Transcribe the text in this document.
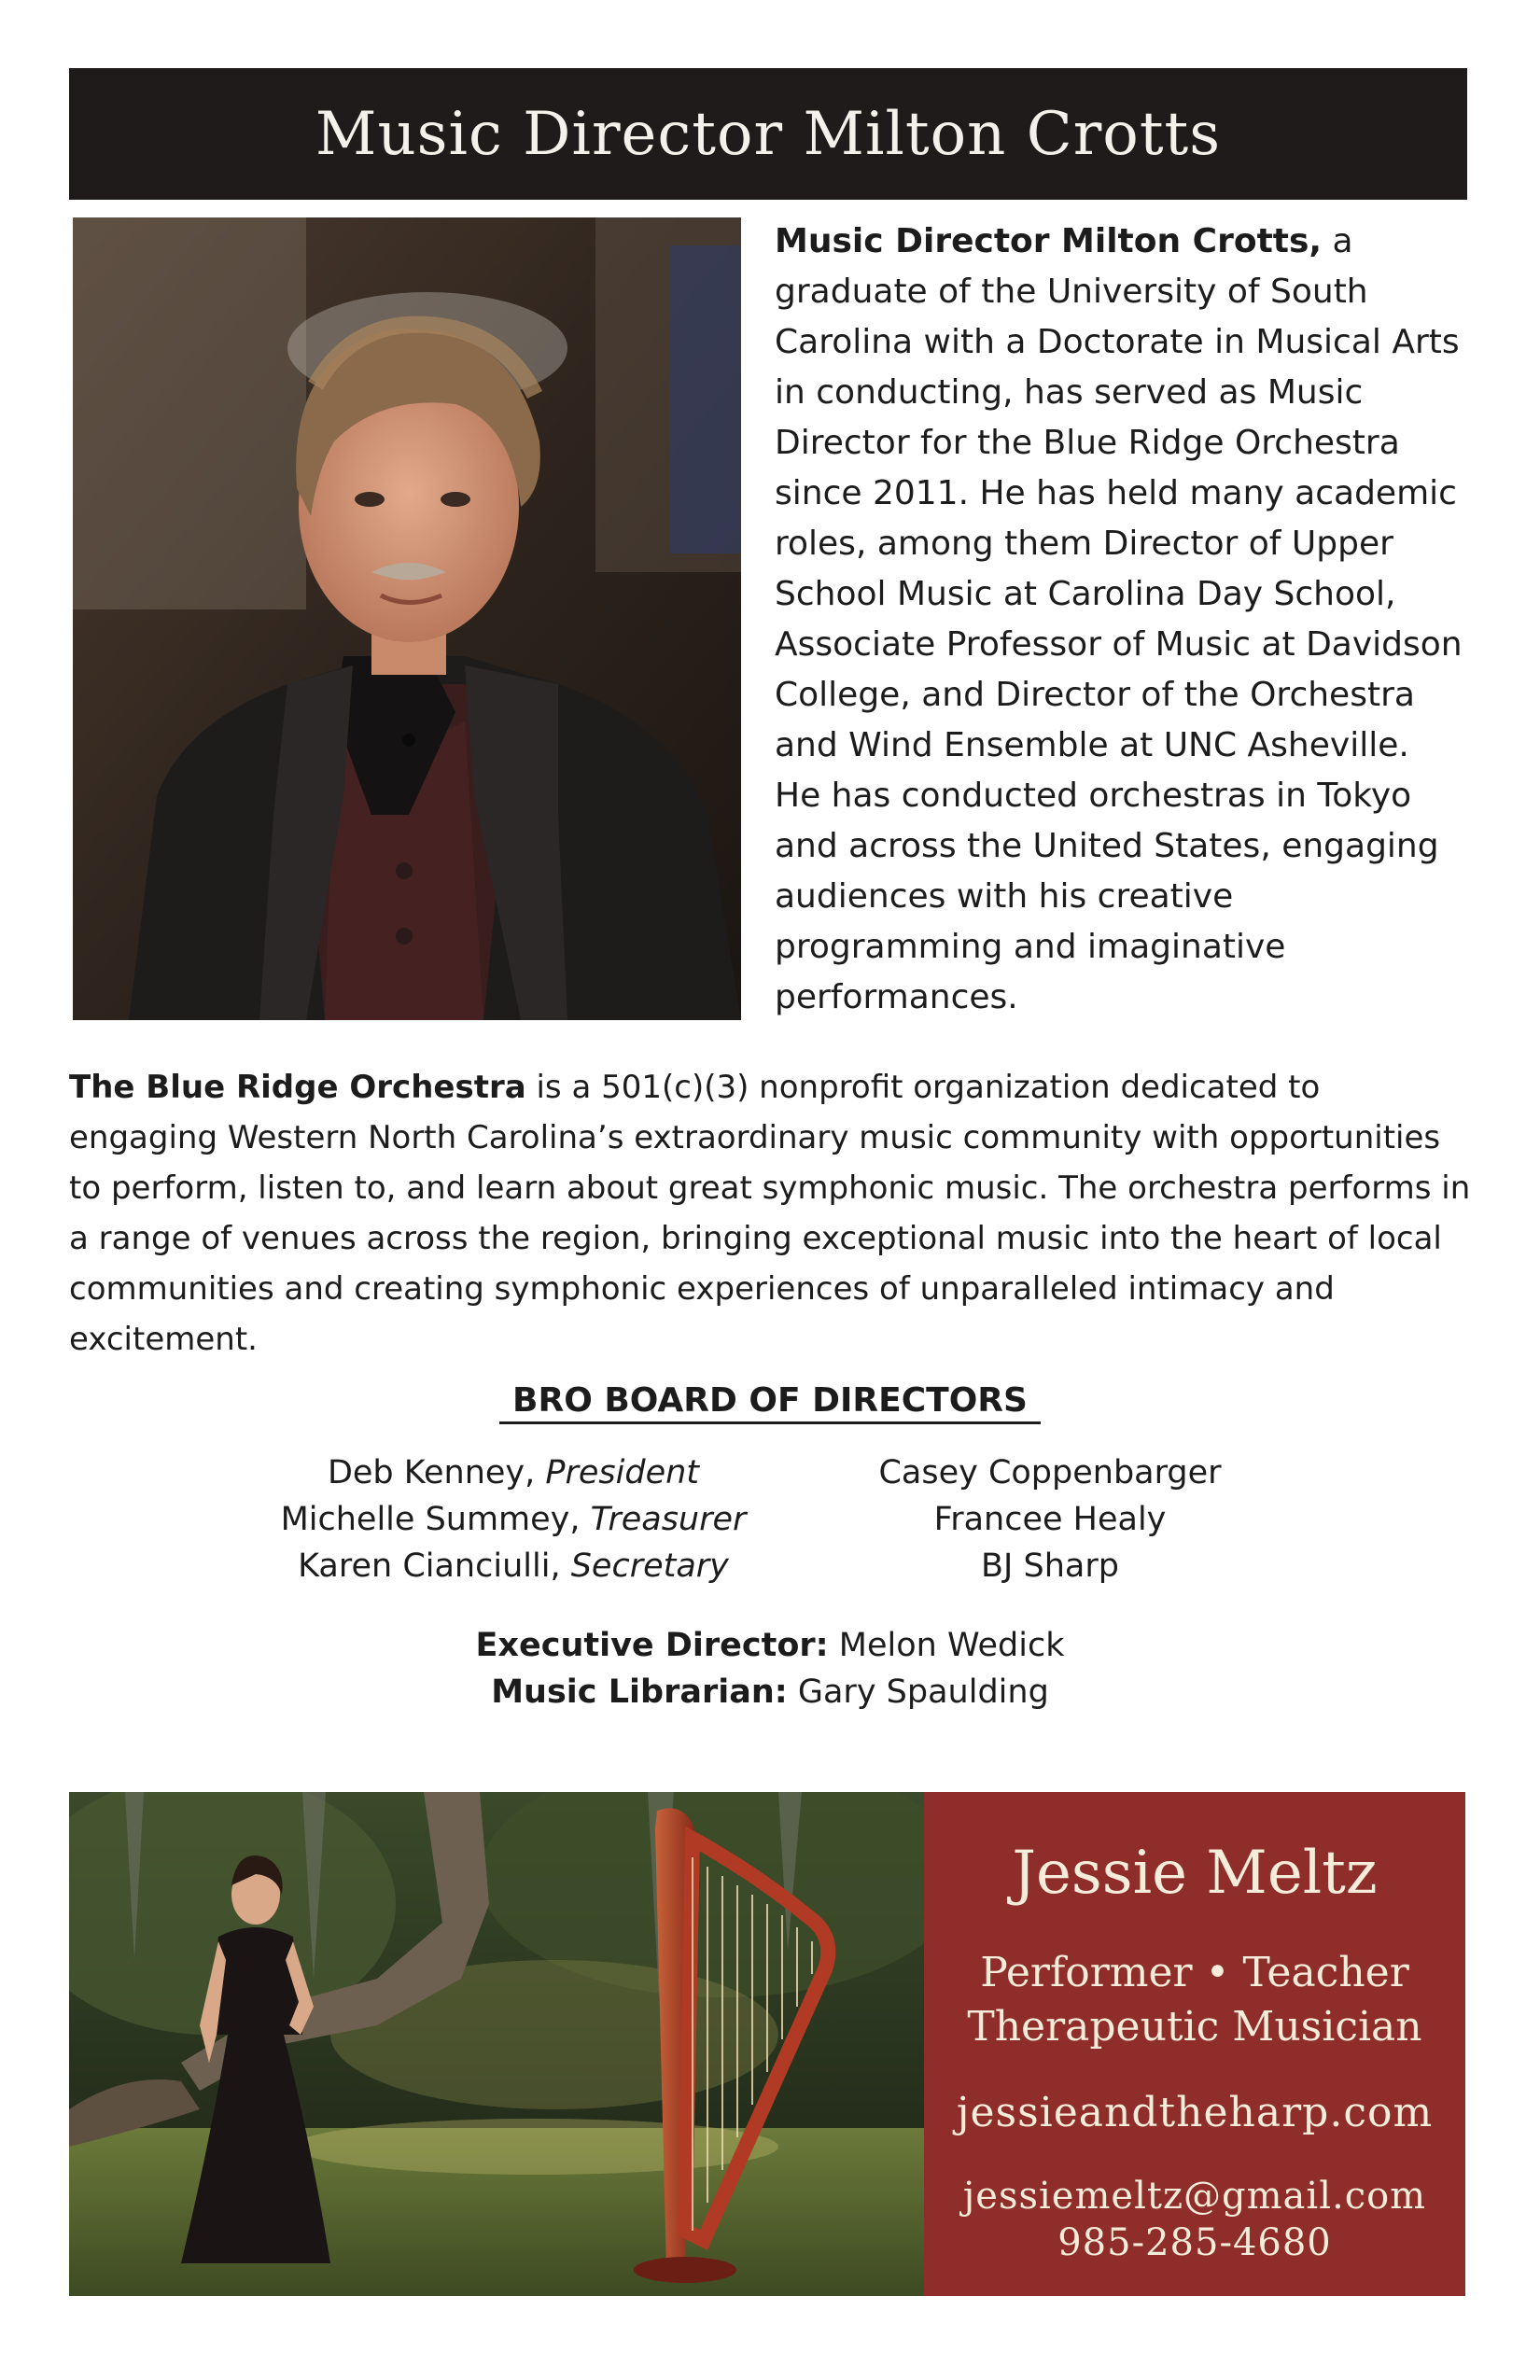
Music Director Milton Crotts
Music Director Milton Crotts, a graduate of the University of South Carolina with a Doctorate in Musical Arts in conducting, has served as Music Director for the Blue Ridge Orchestra since 2011. He has held many academic roles, among them Director of Upper School Music at Carolina Day School, Associate Professor of Music at Davidson College, and Director of the Orchestra and Wind Ensemble at UNC Asheville. He has conducted orchestras in Tokyo and across the United States, engaging audiences with his creative programming and imaginative performances.
The Blue Ridge Orchestra is a 501(c)(3) nonprofit organization dedicated to engaging Western North Carolina’s extraordinary music community with opportunities to perform, listen to, and learn about great symphonic music. The orchestra performs in a range of venues across the region, bringing exceptional music into the heart of local communities and creating symphonic experiences of unparalleled intimacy and excitement.
BRO BOARD OF DIRECTORS
Deb Kenney, President
Michelle Summey, Treasurer
Karen Cianciulli, Secretary
Casey Coppenbarger
Francee Healy
BJ Sharp
Executive Director: Melon Wedick
Music Librarian: Gary Spaulding
Jessie Meltz
Performer • Teacher
Therapeutic Musician
jessieandtheharp.com
jessiemeltz@gmail.com
985-285-4680
